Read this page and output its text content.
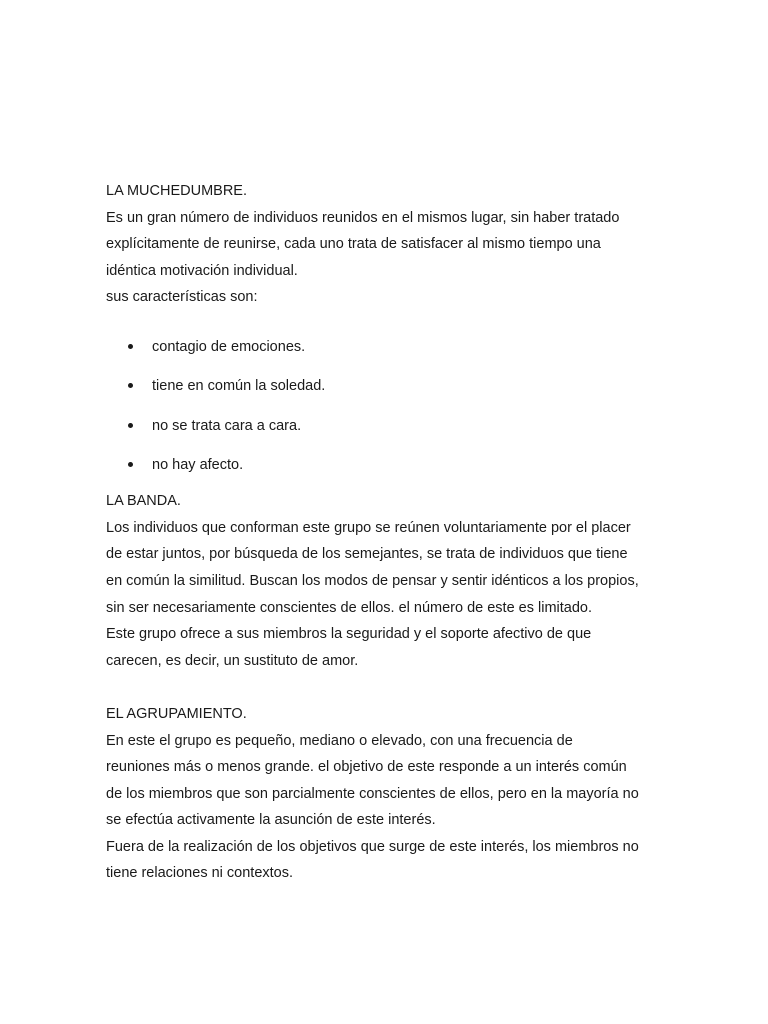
LA MUCHEDUMBRE.
Es un gran número de individuos reunidos en el mismos lugar, sin haber tratado
explícitamente de reunirse, cada uno trata de satisfacer al mismo tiempo una
idéntica motivación individual.
sus características son:
contagio de emociones.
tiene en común la soledad.
no se trata cara a cara.
no hay afecto.
LA BANDA.
Los individuos que conforman este grupo se reúnen voluntariamente por el placer
de estar juntos, por búsqueda de los semejantes, se trata de individuos que tiene
en común la similitud. Buscan los modos de pensar y sentir idénticos a los propios,
sin ser necesariamente conscientes de ellos. el número de este es limitado.
Este grupo ofrece a sus miembros la seguridad y el soporte afectivo de que
carecen, es decir, un sustituto de amor.
EL AGRUPAMIENTO.
En este el grupo es pequeño, mediano o elevado, con una frecuencia de
reuniones más o menos grande. el objetivo de este responde a un interés común
de los miembros que son parcialmente conscientes de ellos, pero en la mayoría no
se efectúa activamente la asunción de este interés.
Fuera de la realización de los objetivos que surge de este interés, los miembros no
tiene relaciones ni contextos.
